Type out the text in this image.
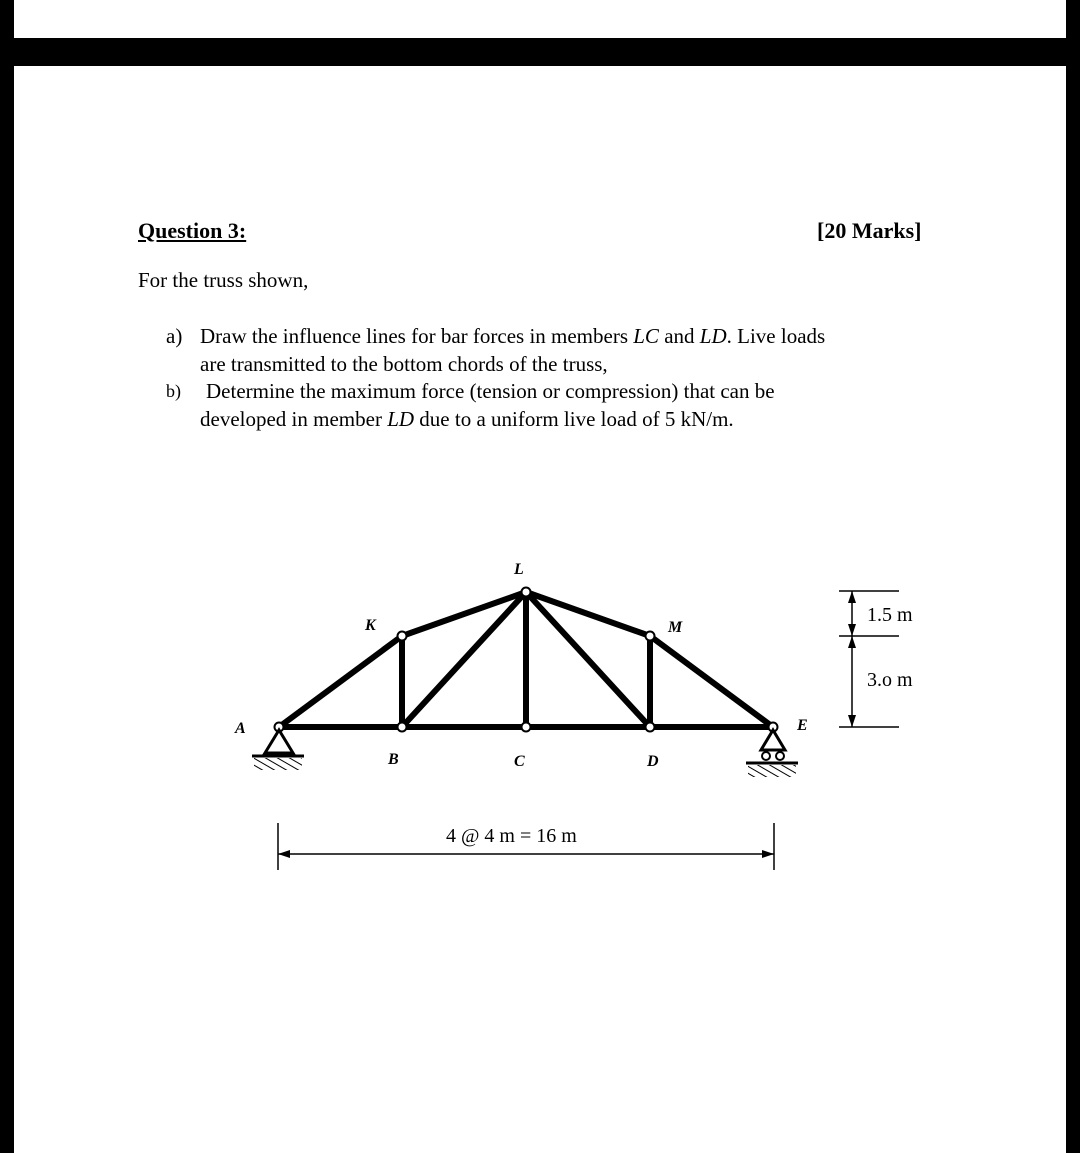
Question 3:	[20 Marks]
For the truss shown,
a) Draw the influence lines for bar forces in members LC and LD. Live loads
are transmitted to the bottom chords of the truss,
b) Determine the maximum force (tension or compression) that can be
developed in member LD due to a uniform live load of 5 kN/m.
A
B	C	D
E
K
L
M
4 @ 4 m = 16 m
1.5 m
3.o m
